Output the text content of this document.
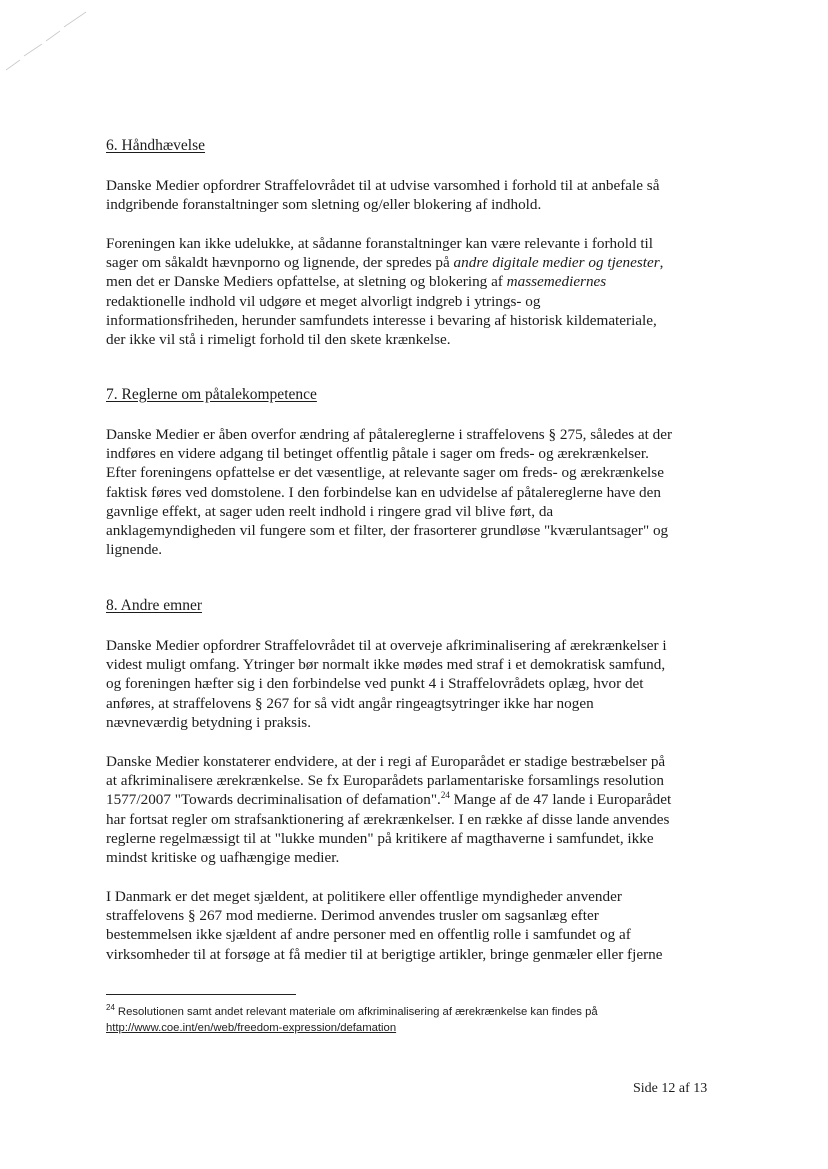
6. Håndhævelse
Danske Medier opfordrer Straffelovrådet til at udvise varsomhed i forhold til at anbefale så
indgribende foranstaltninger som sletning og/eller blokering af indhold.
Foreningen kan ikke udelukke, at sådanne foranstaltninger kan være relevante i forhold til
sager om såkaldt hævnporno og lignende, der spredes på andre digitale medier og tjenester,
men det er Danske Mediers opfattelse, at sletning og blokering af massemediernes
redaktionelle indhold vil udgøre et meget alvorligt indgreb i ytrings- og
informationsfriheden, herunder samfundets interesse i bevaring af historisk kildemateriale,
der ikke vil stå i rimeligt forhold til den skete krænkelse.
7. Reglerne om påtalekompetence
Danske Medier er åben overfor ændring af påtalereglerne i straffelovens § 275, således at der
indføres en videre adgang til betinget offentlig påtale i sager om freds- og ærekrænkelser.
Efter foreningens opfattelse er det væsentlige, at relevante sager om freds- og ærekrænkelse
faktisk føres ved domstolene. I den forbindelse kan en udvidelse af påtalereglerne have den
gavnlige effekt, at sager uden reelt indhold i ringere grad vil blive ført, da
anklagemyndigheden vil fungere som et filter, der frasorterer grundløse "kværulantsager" og
lignende.
8. Andre emner
Danske Medier opfordrer Straffelovrådet til at overveje afkriminalisering af ærekrænkelser i
videst muligt omfang. Ytringer bør normalt ikke mødes med straf i et demokratisk samfund,
og foreningen hæfter sig i den forbindelse ved punkt 4 i Straffelovrådets oplæg, hvor det
anføres, at straffelovens § 267 for så vidt angår ringeagtsytringer ikke har nogen
nævneværdig betydning i praksis.
Danske Medier konstaterer endvidere, at der i regi af Europarådet er stadige bestræbelser på
at afkriminalisere ærekrænkelse. Se fx Europarådets parlamentariske forsamlings resolution
1577/2007 "Towards decriminalisation of defamation".$^{24}$ Mange af de 47 lande i Europarådet
har fortsat regler om strafsanktionering af ærekrænkelser. I en række af disse lande anvendes
reglerne regelmæssigt til at "lukke munden" på kritikere af magthaverne i samfundet, ikke
mindst kritiske og uafhængige medier.
I Danmark er det meget sjældent, at politikere eller offentlige myndigheder anvender
straffelovens § 267 mod medierne. Derimod anvendes trusler om sagsanlæg efter
bestemmelsen ikke sjældent af andre personer med en offentlig rolle i samfundet og af
virksomheder til at forsøge at få medier til at berigtige artikler, bringe genmæler eller fjerne
$^{24}$ Resolutionen samt andet relevant materiale om afkriminalisering af ærekrænkelse kan findes på
http://www.coe.int/en/web/freedom-expression/defamation
Side 12 af 13
